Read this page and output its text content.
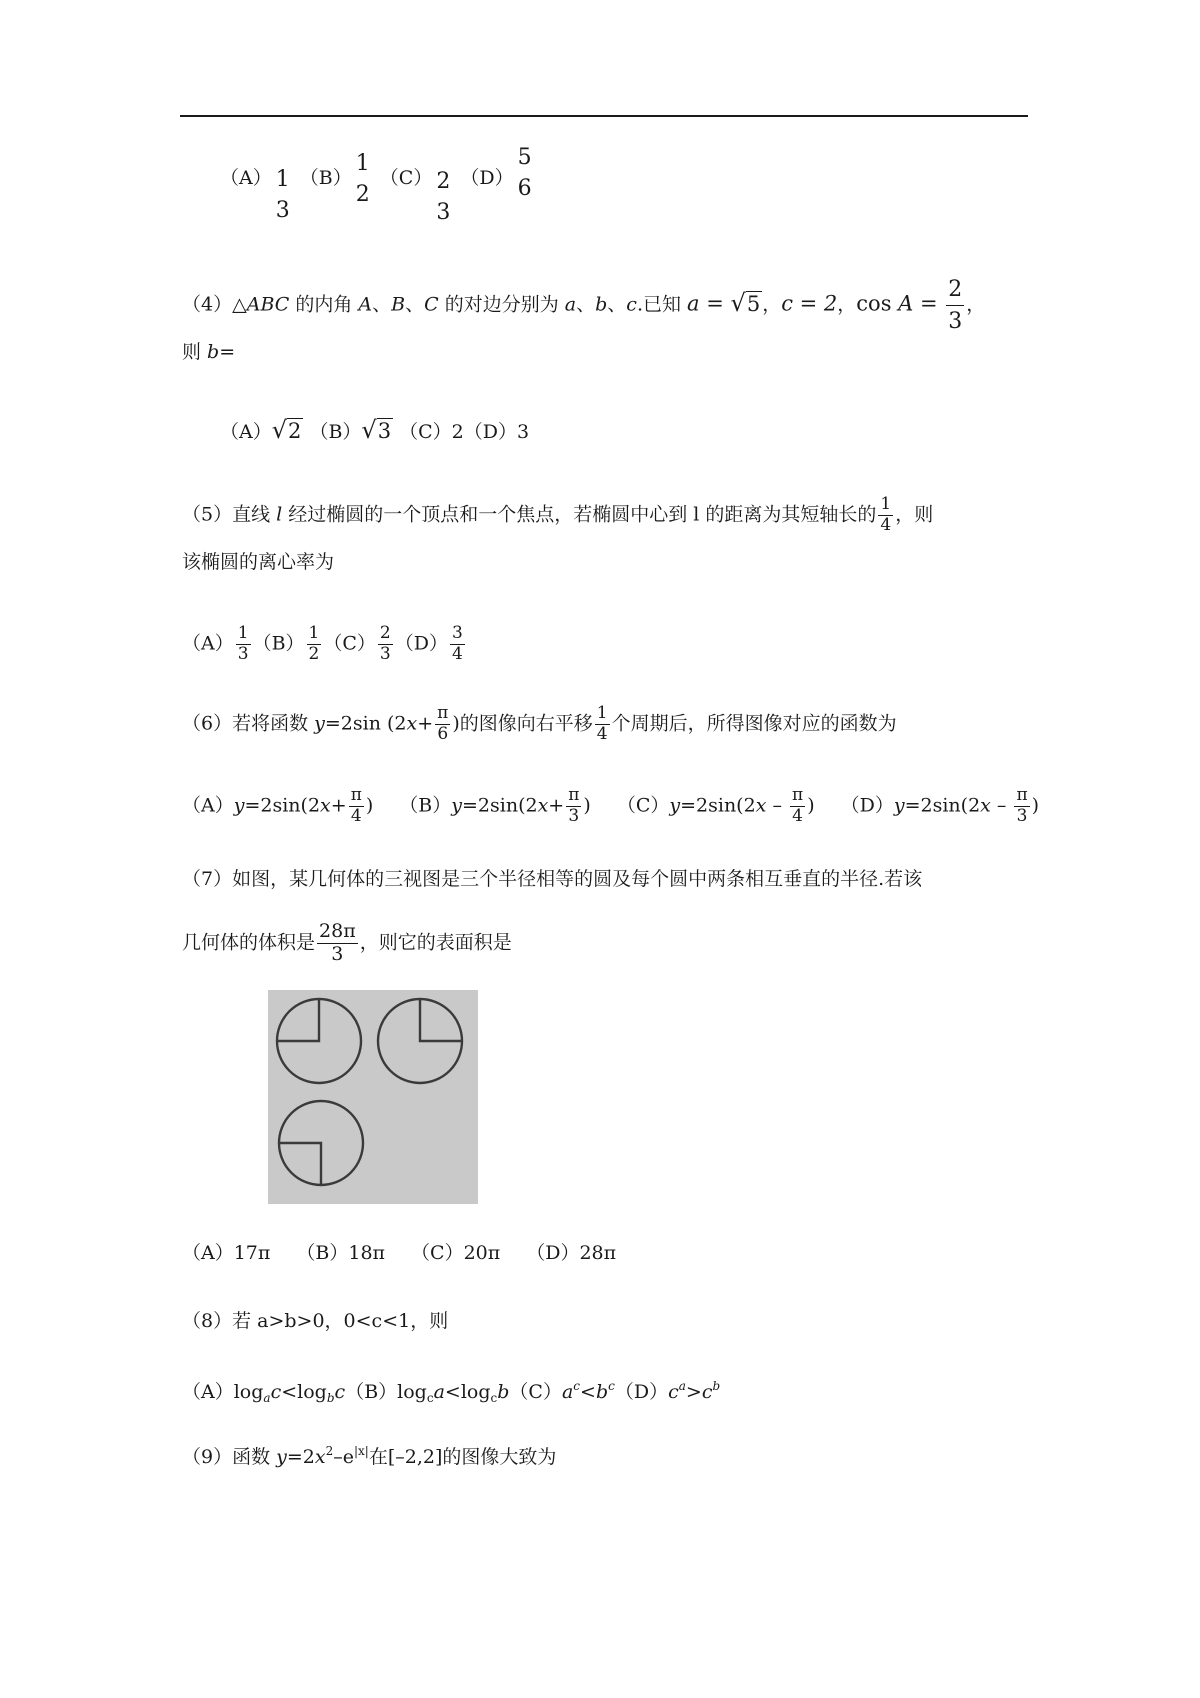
（A） 1
3
（B）
1
2
（C） 2
3
（D）
5
6
（4）△ABC 的内角 A、B、C 的对边分别为 a、b、c.已知 a = √ 5 ，c = 2，$\cos A = \frac{2}{3}$ ，
则 b=
（A） √ 2 （B） √ 3 （C）2（D）3
（5）直线 l 经过椭圆的一个顶点和一个焦点，若椭圆中心到 l 的距离为其短轴长的 $\frac{1}{4}$ ，则
该椭圆的离心率为
$(A) \frac{1}{3} (B) \frac{1}{2} (C) \frac{2}{3} (D) \frac{3}{4}$
（6）若将函数 y=2sin ($2x+ \frac{\pi}{6}$ )的图像向右平移 $\frac{1}{4}$ 个周期后，所得图像对应的函数为
$(A)y=2\sin(2x+ \frac{\pi}{4}$ ) $(B)y=2\sin(2x+ \frac{\pi}{3}$ ) $(C)y=2\sin(2x - \frac{\pi}{4}$ ) $(D)y=2\sin(2x - \frac{\pi}{3}$ )
（7）如图，某几何体的三视图是三个半径相等的圆及每个圆中两条相互垂直的半径.若该
几何体的体积是 $\frac{28\pi}{3}$ ，则它的表面积是
（A）17π （B）18π （C）20π （D）28π
（8）若 a>b>0，0<c<1，则
$(A)\log_ac<\log_bc(B)\log_ca<\log_cb(C)a^c<b^c(D)c^a>c^b$
（9）函数 $y=2x^2-e^{|x|}$在[–2,2]的图像大致为
